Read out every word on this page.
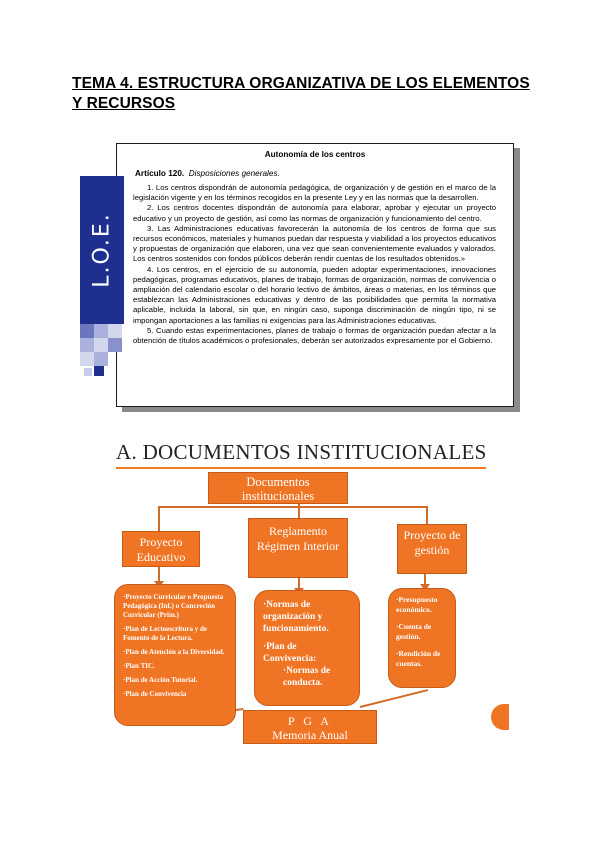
TEMA 4. ESTRUCTURA ORGANIZATIVA DE LOS ELEMENTOS Y RECURSOS
L.O.E.
Autonomía de los centros
Artículo 120. Disposiciones generales.

1. Los centros dispondrán de autonomía pedagógica, de organización y de gestión en el marco de la legislación vigente y en los términos recogidos en la presente Ley y en las normas que la desarrollen.

2. Los centros docentes dispondrán de autonomía para elaborar, aprobar y ejecutar un proyecto educativo y un proyecto de gestión, así como las normas de organización y funcionamiento del centro.

3. Las Administraciones educativas favorecerán la autonomía de los centros de forma que sus recursos económicos, materiales y humanos puedan dar respuesta y viabilidad a los proyectos educativos y propuestas de organización que elaboren, una vez que sean convenientemente evaluados y valorados. Los centros sostenidos con fondos públicos deberán rendir cuentas de los resultados obtenidos.»

4. Los centros, en el ejercicio de su autonomía, pueden adoptar experimentaciones, innovaciones pedagógicas, programas educativos, planes de trabajo, formas de organización, normas de convivencia o ampliación del calendario escolar o del horario lectivo de ámbitos, áreas o materias, en los términos que establezcan las Administraciones educativas y dentro de las posibilidades que permita la normativa aplicable, incluida la laboral, sin que, en ningún caso, suponga discriminación de ningún tipo, ni se impongan aportaciones a las familias ni exigencias para las Administraciones educativas.

5. Cuando estas experimentaciones, planes de trabajo o formas de organización puedan afectar a la obtención de títulos académicos o profesionales, deberán ser autorizados expresamente por el Gobierno.

A. DOCUMENTOS INSTITUCIONALES
Documentos institucionales
Proyecto Educativo
Reglamento Régimen Interior
Proyecto de gestión
·Proyecto Curricular o Propuesta Pedagógica (Inf.) o Concreción Curricular (Prim.)
·Plan de Lectoescritura y de Fomento de la Lectura.
·Plan de Atención a la Diversidad.
·Plan TIC.
·Plan de Acción Tutorial.
·Plan de Convivencia
·Normas de organización y funcionamiento.
·Plan de Convivencia:
·Normas de conducta.
·Presupuesto económico.
·Cuenta de gestión.
·Rendición de cuentas.
P G A
Memoria Anual
